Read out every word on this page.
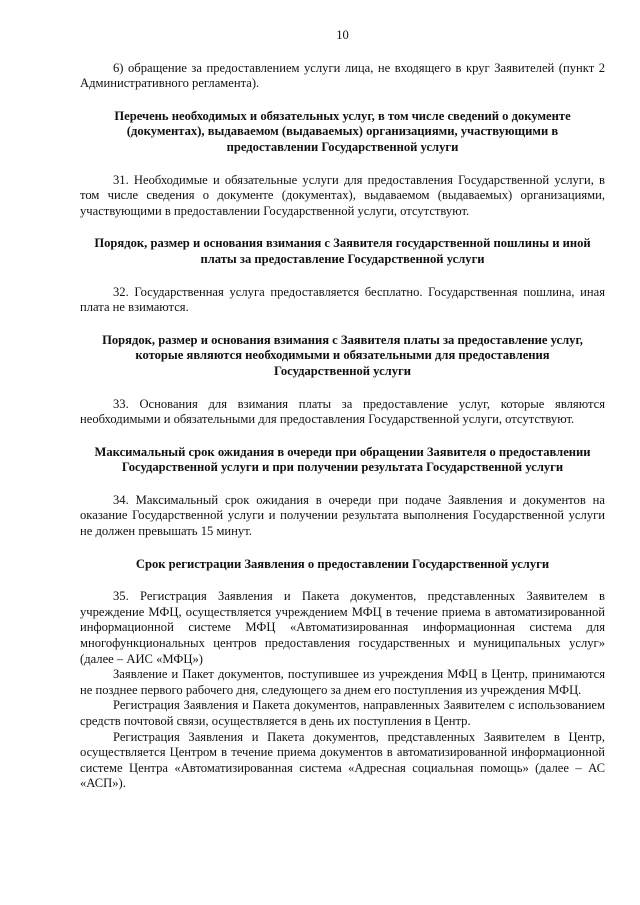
10

6) обращение за предоставлением услуги лица, не входящего в круг Заявителей (пункт 2 Административного регламента).

Перечень необходимых и обязательных услуг, в том числе сведений о документе (документах), выдаваемом (выдаваемых) организациями, участвующими в предоставлении Государственной услуги

31. Необходимые и обязательные услуги для предоставления Государственной услуги, в том числе сведения о документе (документах), выдаваемом (выдаваемых) организациями, участвующими в предоставлении Государственной услуги, отсутствуют.

Порядок, размер и основания взимания с Заявителя государственной пошлины и иной платы за предоставление Государственной услуги

32. Государственная услуга предоставляется бесплатно. Государственная пошлина, иная плата не взимаются.

Порядок, размер и основания взимания с Заявителя платы за предоставление услуг, которые являются необходимыми и обязательными для предоставления Государственной услуги

33. Основания для взимания платы за предоставление услуг, которые являются необходимыми и обязательными для предоставления Государственной услуги, отсутствуют.

Максимальный срок ожидания в очереди при обращении Заявителя о предоставлении Государственной услуги и при получении результата Государственной услуги

34. Максимальный срок ожидания в очереди при подаче Заявления и документов на оказание Государственной услуги и получении результата выполнения Государственной услуги не должен превышать 15 минут.

Срок регистрации Заявления о предоставлении Государственной услуги

35. Регистрация Заявления и Пакета документов, представленных Заявителем в учреждение МФЦ, осуществляется учреждением МФЦ в течение приема в автоматизированной информационной системе МФЦ «Автоматизированная информационная система для многофункциональных центров предоставления государственных и муниципальных услуг» (далее – АИС «МФЦ»)

Заявление и Пакет документов, поступившее из учреждения МФЦ в Центр, принимаются не позднее первого рабочего дня, следующего за днем его поступления из учреждения МФЦ.

Регистрация Заявления и Пакета документов, направленных Заявителем с использованием средств почтовой связи, осуществляется в день их поступления в Центр.

Регистрация Заявления и Пакета документов, представленных Заявителем в Центр, осуществляется Центром в течение приема документов в автоматизированной информационной системе Центра «Автоматизированная система «Адресная социальная помощь» (далее – АС «АСП»).
